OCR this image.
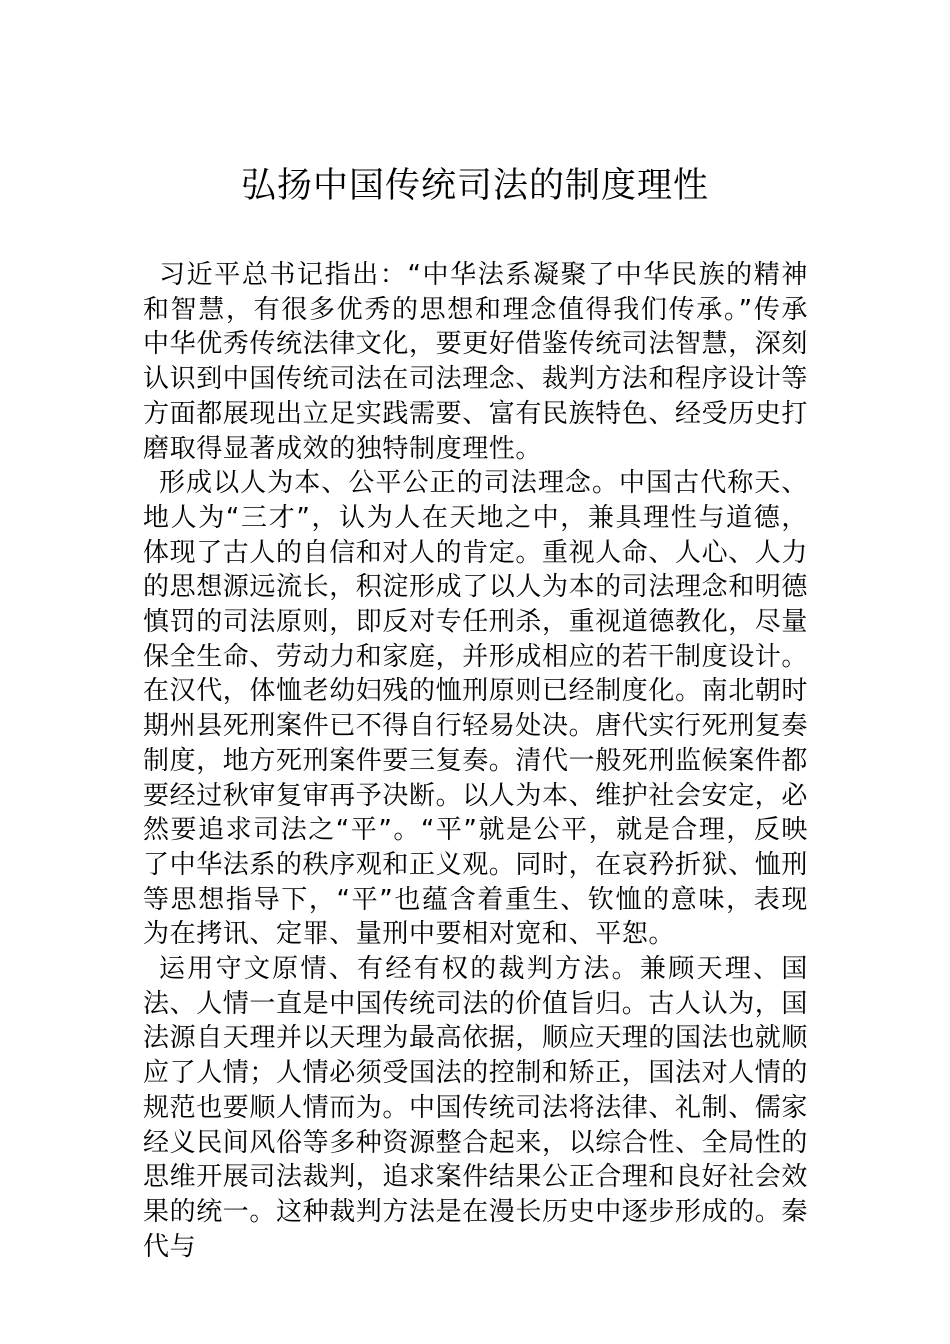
弘扬中国传统司法的制度理性

习近平总书记指出：“中华法系凝聚了中华民族的精神和智慧，有很多优秀的思想和理念值得我们传承。”传承中华优秀传统法律文化，要更好借鉴传统司法智慧，深刻认识到中国传统司法在司法理念、裁判方法和程序设计等方面都展现出立足实践需要、富有民族特色、经受历史打磨取得显著成效的独特制度理性。

形成以人为本、公平公正的司法理念。中国古代称天、地人为“三才”，认为人在天地之中，兼具理性与道德，体现了古人的自信和对人的肯定。重视人命、人心、人力的思想源远流长，积淀形成了以人为本的司法理念和明德慎罚的司法原则，即反对专任刑杀，重视道德教化，尽量保全生命、劳动力和家庭，并形成相应的若干制度设计。在汉代，体恤老幼妇残的恤刑原则已经制度化。南北朝时期州县死刑案件已不得自行轻易处决。唐代实行死刑复奏制度，地方死刑案件要三复奏。清代一般死刑监候案件都要经过秋审复审再予决断。以人为本、维护社会安定，必然要追求司法之“平”。“平”就是公平，就是合理，反映了中华法系的秩序观和正义观。同时，在哀矜折狱、恤刑等思想指导下，“平”也蕴含着重生、钦恤的意味，表现为在拷讯、定罪、量刑中要相对宽和、平恕。

运用守文原情、有经有权的裁判方法。兼顾天理、国法、人情一直是中国传统司法的价值旨归。古人认为，国法源自天理并以天理为最高依据，顺应天理的国法也就顺应了人情；人情必须受国法的控制和矫正，国法对人情的规范也要顺人情而为。中国传统司法将法律、礼制、儒家经义民间风俗等多种资源整合起来，以综合性、全局性的思维开展司法裁判，追求案件结果公正合理和良好社会效果的统一。这种裁判方法是在漫长历史中逐步形成的。秦代与
